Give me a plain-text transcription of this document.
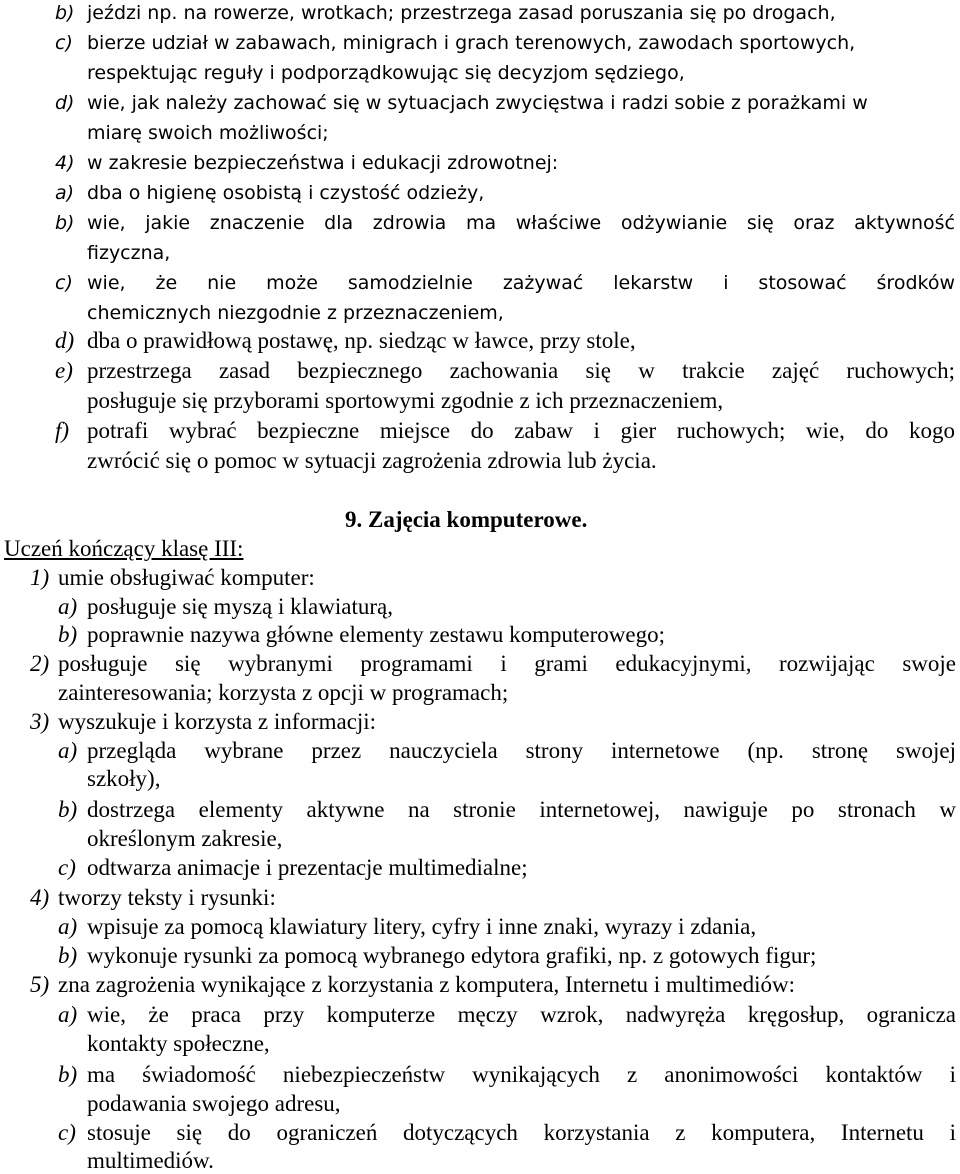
b) jeździ np. na rowerze, wrotkach; przestrzega zasad poruszania się po drogach,
c) bierze udział w zabawach, minigrach i grach terenowych, zawodach sportowych,
respektując reguły i podporządkowując się decyzjom sędziego,
d) wie, jak należy zachować się w sytuacjach zwycięstwa i radzi sobie z porażkami w
miarę swoich możliwości;
4) w zakresie bezpieczeństwa i edukacji zdrowotnej:
a) dba o higienę osobistą i czystość odzieży,
b) wie, jakie znaczenie dla zdrowia ma właściwe odżywianie się oraz aktywność
fizyczna,
c) wie, że nie może samodzielnie zażywać lekarstw i stosować środków
chemicznych niezgodnie z przeznaczeniem,
d) dba o prawidłową postawę, np. siedząc w ławce, przy stole,
e) przestrzega zasad bezpiecznego zachowania się w trakcie zajęć ruchowych;
posługuje się przyborami sportowymi zgodnie z ich przeznaczeniem,
f) potrafi wybrać bezpieczne miejsce do zabaw i gier ruchowych; wie, do kogo
zwrócić się o pomoc w sytuacji zagrożenia zdrowia lub życia.
9. Zajęcia komputerowe.
Uczeń kończący klasę III:
1) umie obsługiwać komputer:
a) posługuje się myszą i klawiaturą,
b) poprawnie nazywa główne elementy zestawu komputerowego;
2) posługuje się wybranymi programami i grami edukacyjnymi, rozwijając swoje
zainteresowania; korzysta z opcji w programach;
3) wyszukuje i korzysta z informacji:
a) przegląda wybrane przez nauczyciela strony internetowe (np. stronę swojej
szkoły),
b) dostrzega elementy aktywne na stronie internetowej, nawiguje po stronach w
określonym zakresie,
c) odtwarza animacje i prezentacje multimedialne;
4) tworzy teksty i rysunki:
a) wpisuje za pomocą klawiatury litery, cyfry i inne znaki, wyrazy i zdania,
b) wykonuje rysunki za pomocą wybranego edytora grafiki, np. z gotowych figur;
5) zna zagrożenia wynikające z korzystania z komputera, Internetu i multimediów:
a) wie, że praca przy komputerze męczy wzrok, nadwyręża kręgosłup, ogranicza
kontakty społeczne,
b) ma świadomość niebezpieczeństw wynikających z anonimowości kontaktów i
podawania swojego adresu,
c) stosuje się do ograniczeń dotyczących korzystania z komputera, Internetu i
multimediów.
